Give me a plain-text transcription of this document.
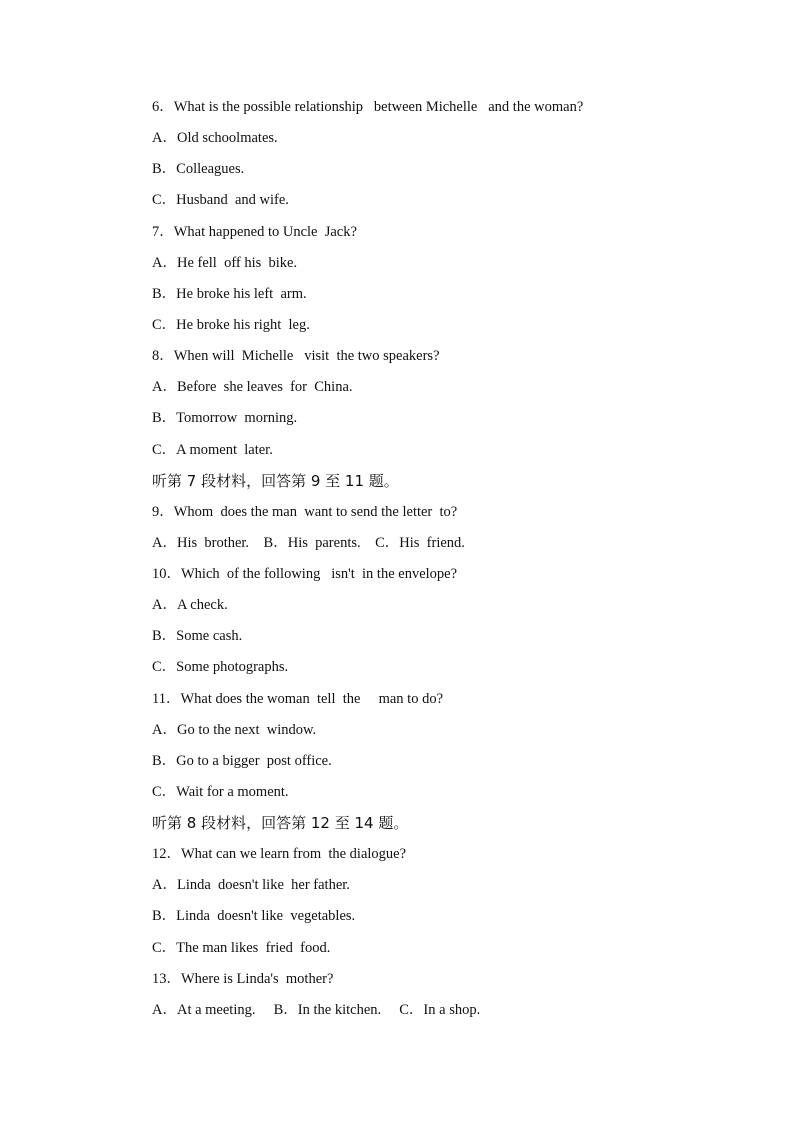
6．What is the possible relationship   between Michelle   and the woman?
A．Old schoolmates.
B．Colleagues.
C．Husband  and wife.
7．What happened to Uncle  Jack?
A．He fell  off his  bike.
B．He broke his left  arm.
C．He broke his right  leg.
8．When will  Michelle   visit  the two speakers?
A．Before  she leaves  for  China.
B．Tomorrow  morning.
C．A moment  later.
听第 7 段材料，回答第 9 至 11 题。
9．Whom  does the man  want to send the letter  to?
A．His  brother.    B．His  parents.    C．His  friend.
10．Which  of the following   isn't  in the envelope?
A．A check.
B．Some cash.
C．Some photographs.
11．What does the woman  tell  the     man to do?
A．Go to the next  window.
B．Go to a bigger  post office.
C．Wait for a moment.
听第 8 段材料，回答第 12 至 14 题。
12．What can we learn from  the dialogue?
A．Linda  doesn't like  her father.
B．Linda  doesn't like  vegetables.
C．The man likes  fried  food.
13．Where is Linda's  mother?
A．At a meeting.     B．In the kitchen.     C．In a shop.
